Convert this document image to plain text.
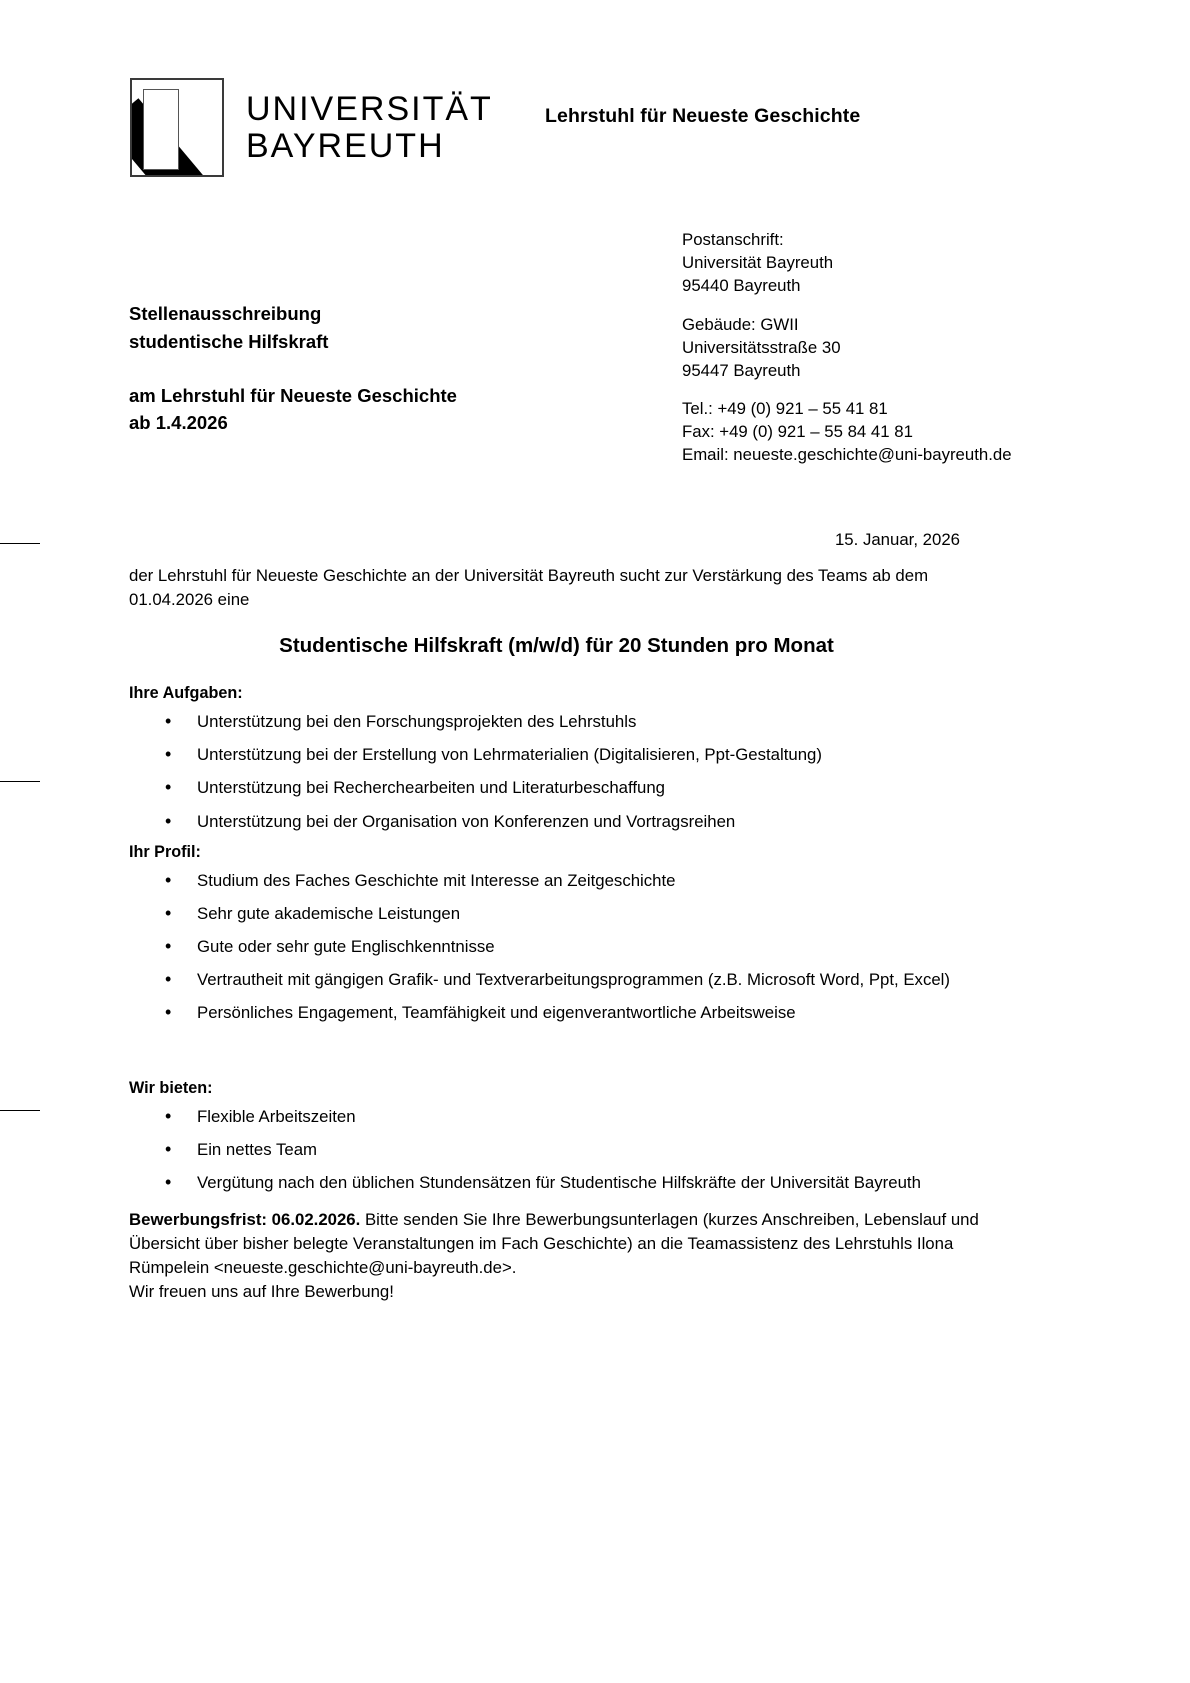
UNIVERSITÄT
BAYREUTH
Lehrstuhl für Neueste Geschichte
Postanschrift:
Universität Bayreuth
95440 Bayreuth
Gebäude: GWII
Universitätsstraße 30
95447 Bayreuth
Tel.: +49 (0) 921 – 55 41 81
Fax: +49 (0) 921 – 55 84 41 81
Email: neueste.geschichte@uni-bayreuth.de
Stellenausschreibung
studentische Hilfskraft
am Lehrstuhl für Neueste Geschichte
ab 1.4.2026
15. Januar, 2026
der Lehrstuhl für Neueste Geschichte an der Universität Bayreuth sucht zur Verstärkung des Teams ab dem 01.04.2026 eine
Studentische Hilfskraft (m/w/d) für 20 Stunden pro Monat
Ihre Aufgaben:
• Unterstützung bei den Forschungsprojekten des Lehrstuhls
• Unterstützung bei der Erstellung von Lehrmaterialien (Digitalisieren, Ppt-Gestaltung)
• Unterstützung bei Recherchearbeiten und Literaturbeschaffung
• Unterstützung bei der Organisation von Konferenzen und Vortragsreihen
Ihr Profil:
• Studium des Faches Geschichte mit Interesse an Zeitgeschichte
• Sehr gute akademische Leistungen
• Gute oder sehr gute Englischkenntnisse
• Vertrautheit mit gängigen Grafik- und Textverarbeitungsprogrammen (z.B. Microsoft Word, Ppt, Excel)
• Persönliches Engagement, Teamfähigkeit und eigenverantwortliche Arbeitsweise
Wir bieten:
• Flexible Arbeitszeiten
• Ein nettes Team
• Vergütung nach den üblichen Stundensätzen für Studentische Hilfskräfte der Universität Bayreuth
Bewerbungsfrist: 06.02.2026. Bitte senden Sie Ihre Bewerbungsunterlagen (kurzes Anschreiben, Lebenslauf und Übersicht über bisher belegte Veranstaltungen im Fach Geschichte) an die Teamassistenz des Lehrstuhls Ilona Rümpelein <neueste.geschichte@uni-bayreuth.de>.
Wir freuen uns auf Ihre Bewerbung!
